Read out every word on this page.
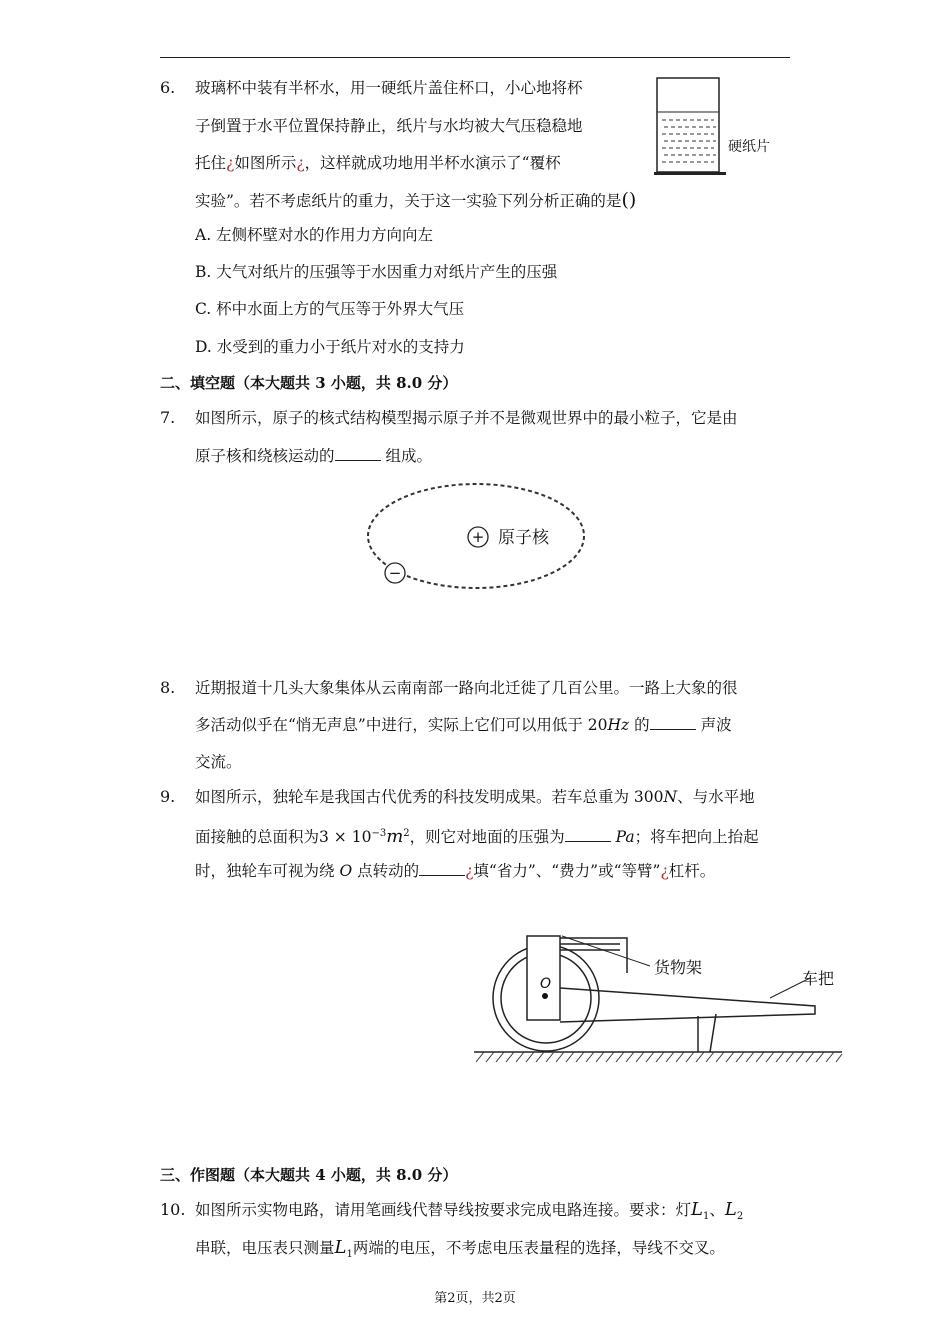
6. 玻璃杯中装有半杯水，用一硬纸片盖住杯口，小心地将杯
子倒置于水平位置保持静止，纸片与水均被大气压稳稳地
托住¿如图所示¿，这样就成功地用半杯水演示了“覆杯
实验”。若不考虑纸片的重力，关于这一实验下列分析正确的是()
硬纸片
A. 左侧杯壁对水的作用力方向向左
B. 大气对纸片的压强等于水因重力对纸片产生的压强
C. 杯中水面上方的气压等于外界大气压
D. 水受到的重力小于纸片对水的支持力
二、填空题（本大题共 3 小题，共 8.0 分）
7. 如图所示，原子的核式结构模型揭示原子并不是微观世界中的最小粒子，它是由
原子核和绕核运动的	组成。
+ 原子核
−
8. 近期报道十几头大象集体从云南南部一路向北迁徙了几百公里。一路上大象的很
多活动似乎在“悄无声息”中进行，实际上它们可以用低于 20Hz 的	声波
交流。
9. 如图所示，独轮车是我国古代优秀的科技发明成果。若车总重为 300N、与水平地
面接触的总面积为$3 \times 10^{-3}m^2$，则它对地面的压强为	Pa；将车把向上抬起
时，独轮车可视为绕 O 点转动的	¿填“省力”、“费力”或“等臂”¿杠杆。
O
货物架
车把
三、作图题（本大题共 4 小题，共 8.0 分）
10. 如图所示实物电路，请用笔画线代替导线按要求完成电路连接。要求：灯$L_1$、$L_2$
串联，电压表只测量$L_1$两端的电压，不考虑电压表量程的选择，导线不交叉。
第2页，共2页
